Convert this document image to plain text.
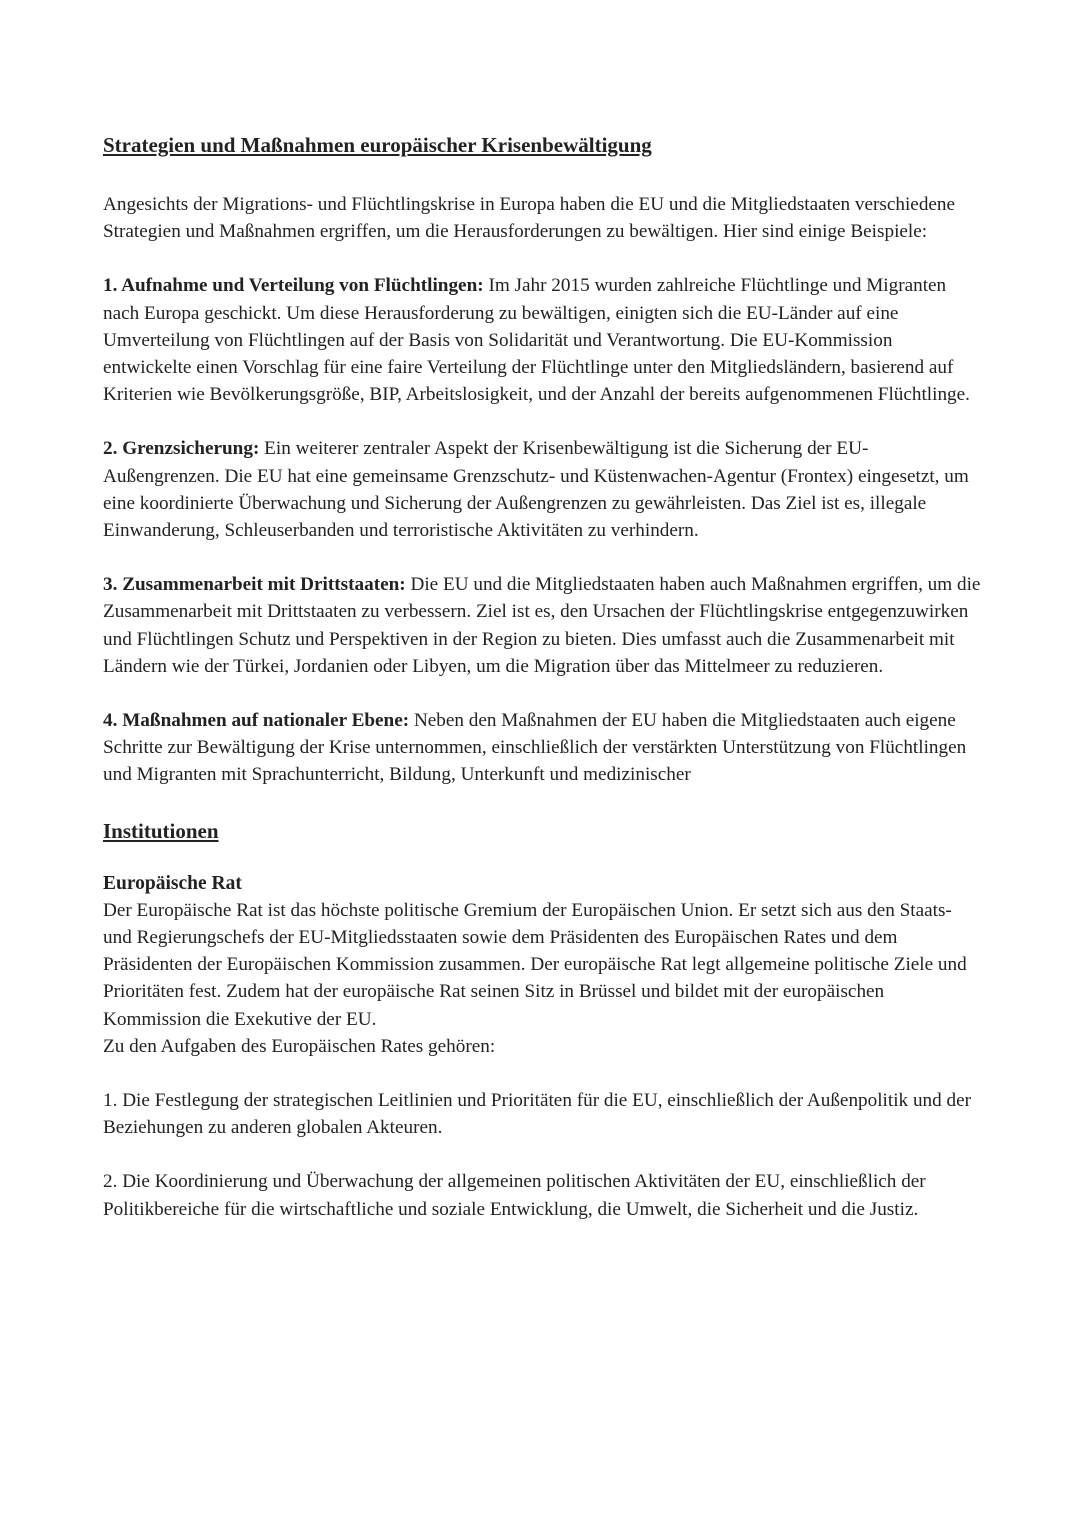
Strategien und Maßnahmen europäischer Krisenbewältigung

Angesichts der Migrations- und Flüchtlingskrise in Europa haben die EU und die Mitgliedstaaten verschiedene Strategien und Maßnahmen ergriffen, um die Herausforderungen zu bewältigen. Hier sind einige Beispiele:

1. Aufnahme und Verteilung von Flüchtlingen: Im Jahr 2015 wurden zahlreiche Flüchtlinge und Migranten nach Europa geschickt. Um diese Herausforderung zu bewältigen, einigten sich die EU-Länder auf eine Umverteilung von Flüchtlingen auf der Basis von Solidarität und Verantwortung. Die EU-Kommission entwickelte einen Vorschlag für eine faire Verteilung der Flüchtlinge unter den Mitgliedsländern, basierend auf Kriterien wie Bevölkerungsgröße, BIP, Arbeitslosigkeit, und der Anzahl der bereits aufgenommenen Flüchtlinge.

2. Grenzsicherung: Ein weiterer zentraler Aspekt der Krisenbewältigung ist die Sicherung der EU-Außengrenzen. Die EU hat eine gemeinsame Grenzschutz- und Küstenwachen-Agentur (Frontex) eingesetzt, um eine koordinierte Überwachung und Sicherung der Außengrenzen zu gewährleisten. Das Ziel ist es, illegale Einwanderung, Schleuserbanden und terroristische Aktivitäten zu verhindern.

3. Zusammenarbeit mit Drittstaaten: Die EU und die Mitgliedstaaten haben auch Maßnahmen ergriffen, um die Zusammenarbeit mit Drittstaaten zu verbessern. Ziel ist es, den Ursachen der Flüchtlingskrise entgegenzuwirken und Flüchtlingen Schutz und Perspektiven in der Region zu bieten. Dies umfasst auch die Zusammenarbeit mit Ländern wie der Türkei, Jordanien oder Libyen, um die Migration über das Mittelmeer zu reduzieren.

4. Maßnahmen auf nationaler Ebene: Neben den Maßnahmen der EU haben die Mitgliedstaaten auch eigene Schritte zur Bewältigung der Krise unternommen, einschließlich der verstärkten Unterstützung von Flüchtlingen und Migranten mit Sprachunterricht, Bildung, Unterkunft und medizinischer

Institutionen
Europäische Rat

Der Europäische Rat ist das höchste politische Gremium der Europäischen Union. Er setzt sich aus den Staats- und Regierungschefs der EU-Mitgliedsstaaten sowie dem Präsidenten des Europäischen Rates und dem Präsidenten der Europäischen Kommission zusammen. Der europäische Rat legt allgemeine politische Ziele und Prioritäten fest. Zudem hat der europäische Rat seinen Sitz in Brüssel und bildet mit der europäischen Kommission die Exekutive der EU.

Zu den Aufgaben des Europäischen Rates gehören:

1. Die Festlegung der strategischen Leitlinien und Prioritäten für die EU, einschließlich der Außenpolitik und der Beziehungen zu anderen globalen Akteuren.

2. Die Koordinierung und Überwachung der allgemeinen politischen Aktivitäten der EU, einschließlich der Politikbereiche für die wirtschaftliche und soziale Entwicklung, die Umwelt, die Sicherheit und die Justiz.
